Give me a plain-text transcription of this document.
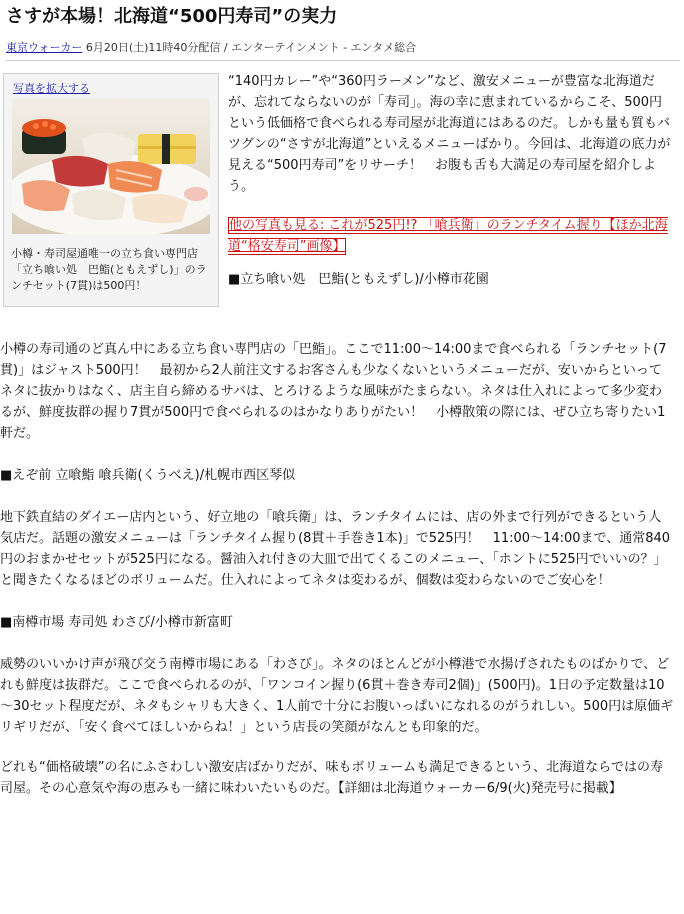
さすが本場！北海道“500円寿司”の実力
東京ウォーカー 6月20日(土)11時40分配信 / エンターテインメント - エンタメ総合
写真を拡大する
小樽・寿司屋通唯一の立ち食い専門店「立ち喰い処　巴鮨(ともえずし)」のランチセット(7貫)は500円！

“140円カレー”や“360円ラーメン”など、激安メニューが豊富な北海道だが、忘れてならないのが「寿司」。海の幸に恵まれているからこそ、500円という低価格で食べられる寿司屋が北海道にはあるのだ。しかも量も質もバツグンの“さすが北海道”といえるメニューばかり。今回は、北海道の底力が見える“500円寿司”をリサーチ！　お腹も舌も大満足の寿司屋を紹介しよう。

他の写真も見る: これが525円!? 「喰兵衛」のランチタイム握り【ほか北海道“格安寿司”画像】

■立ち喰い処　巴鮨(ともえずし)/小樽市花園

小樽の寿司通のど真ん中にある立ち食い専門店の「巴鮨」。ここで11:00～14:00まで食べられる「ランチセット(7貫)」はジャスト500円！　最初から2人前注文するお客さんも少なくないというメニューだが、安いからといってネタに抜かりはなく、店主自ら締めるサバは、とろけるような風味がたまらない。ネタは仕入れによって多少変わるが、鮮度抜群の握り7貫が500円で食べられるのはかなりありがたい！　小樽散策の際には、ぜひ立ち寄りたい1軒だ。

■えぞ前 立喰鮨 喰兵衛(くうべえ)/札幌市西区琴似

地下鉄直結のダイエー店内という、好立地の「喰兵衛」は、ランチタイムには、店の外まで行列ができるという人気店だ。話題の激安メニューは「ランチタイム握り(8貫＋手巻き1本)」で525円！　11:00～14:00まで、通常840円のおまかせセットが525円になる。醤油入れ付きの大皿で出てくるこのメニュー、「ホントに525円でいいの？」と聞きたくなるほどのボリュームだ。仕入れによってネタは変わるが、個数は変わらないのでご安心を！

■南樽市場 寿司処 わさび/小樽市新富町

威勢のいいかけ声が飛び交う南樽市場にある「わさび」。ネタのほとんどが小樽港で水揚げされたものばかりで、どれも鮮度は抜群だ。ここで食べられるのが、「ワンコイン握り(6貫＋巻き寿司2個)」(500円)。1日の予定数量は10～30セット程度だが、ネタもシャリも大きく、1人前で十分にお腹いっぱいになれるのがうれしい。500円は原価ギリギリだが、「安く食べてほしいからね！」という店長の笑顔がなんとも印象的だ。

どれも“価格破壊”の名にふさわしい激安店ばかりだが、味もボリュームも満足できるという、北海道ならではの寿司屋。その心意気や海の恵みも一緒に味わいたいものだ。【詳細は北海道ウォーカー6/9(火)発売号に掲載】
